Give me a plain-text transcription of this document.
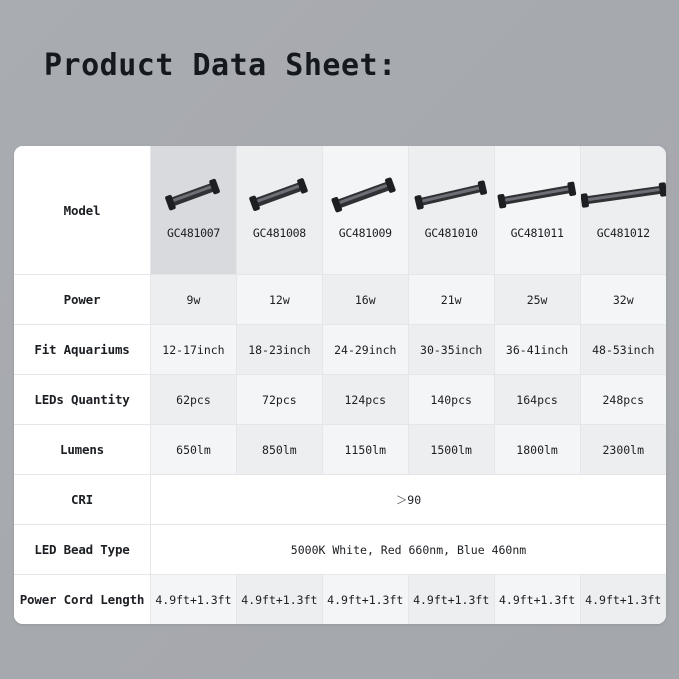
Product Data Sheet:
Model	GC481007	GC481008	GC481009	GC481010	GC481011	GC481012

Power	9w	12w	16w	21w	25w	32w
Fit Aquariums	12-17inch	18-23inch	24-29inch	30-35inch	36-41inch	48-53inch
LEDs Quantity	62pcs	72pcs	124pcs	140pcs	164pcs	248pcs
Lumens	650lm	850lm	1150lm	1500lm	1800lm	2300lm
CRI	＞90					
LED Bead Type	5000K White, Red 660nm, Blue 460nm					
Power Cord Length	4.9ft+1.3ft	4.9ft+1.3ft	4.9ft+1.3ft	4.9ft+1.3ft	4.9ft+1.3ft	4.9ft+1.3ft
